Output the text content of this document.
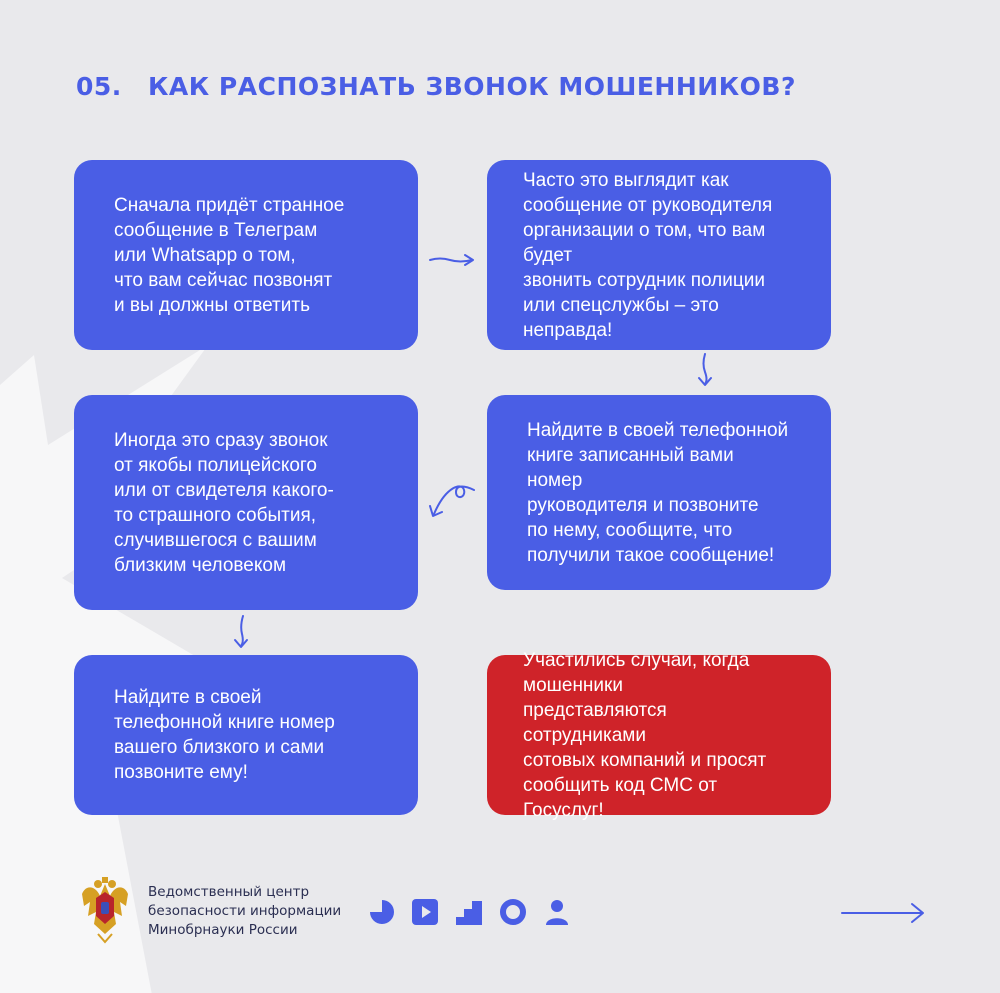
05. КАК РАСПОЗНАТЬ ЗВОНОК МОШЕННИКОВ?
Сначала придёт странное
сообщение в Телеграм
или Whatsapp о том,
что вам сейчас позвонят
и вы должны ответить
Часто это выглядит как
сообщение от руководителя
организации о том, что вам будет
звонить сотрудник полиции
или спецслужбы – это неправда!
Найдите в своей телефонной
книге записанный вами номер
руководителя и позвоните
по нему, сообщите, что
получили такое сообщение!
Иногда это сразу звонок
от якобы полицейского
или от свидетеля какого-
то страшного события,
случившегося с вашим
близким человеком
Найдите в своей
телефонной книге номер
вашего близкого и сами
позвоните ему!
Участились случаи, когда мошенники
представляются сотрудниками
сотовых компаний и просят
сообщить код СМС от Госуслуг!
Ведомственный центр
безопасности информации
Минобрнауки России
